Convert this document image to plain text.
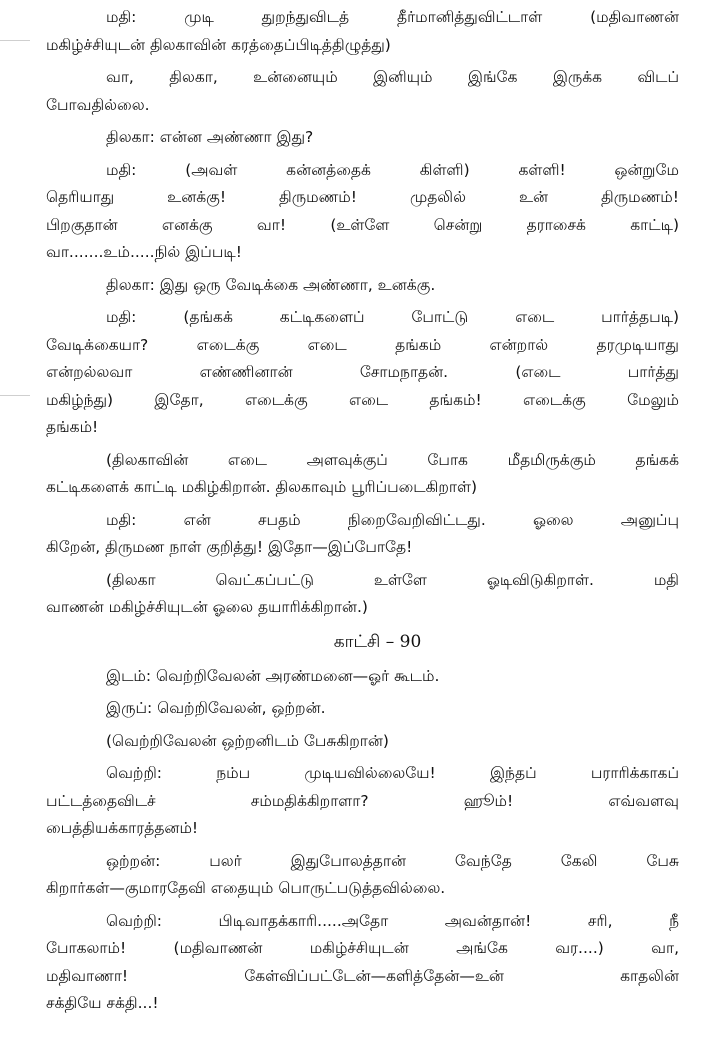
மதி: முடி துறந்துவிடத் தீர்மானித்துவிட்டாள் (மதிவாணன்
மகிழ்ச்சியுடன் திலகாவின் கரத்தைப்பிடித்திழுத்து)
வா, திலகா, உன்னையும் இனியும் இங்கே இருக்க விடப்
போவதில்லை.
திலகா: என்ன அண்ணா இது?
மதி: (அவள் கன்னத்தைக் கிள்ளி) கள்ளி! ஒன்றுமே
தெரியாது உனக்கு! திருமணம்! முதலில் உன் திருமணம்!
பிறகுதான் எனக்கு வா! (உள்ளே சென்று தராசைக் காட்டி)
வா.......உம்.....நில் இப்படி!
திலகா: இது ஒரு வேடிக்கை அண்ணா, உனக்கு.
மதி: (தங்கக் கட்டிகளைப் போட்டு எடை பார்த்தபடி)
வேடிக்கையா? எடைக்கு எடை தங்கம் என்றால் தரமுடியாது
என்றல்லவா எண்ணினான் சோமநாதன். (எடை பார்த்து
மகிழ்ந்து) இதோ, எடைக்கு எடை தங்கம்! எடைக்கு மேலும்
தங்கம்!
(திலகாவின் எடை அளவுக்குப் போக மீதமிருக்கும் தங்கக்
கட்டிகளைக் காட்டி மகிழ்கிறான். திலகாவும் பூரிப்படைகிறாள்)
மதி: என் சபதம் நிறைவேறிவிட்டது. ஓலை அனுப்பு
கிறேன், திருமண நாள் குறித்து! இதோ—இப்போதே!
(திலகா வெட்கப்பட்டு உள்ளே ஓடிவிடுகிறாள். மதி
வாணன் மகிழ்ச்சியுடன் ஓலை தயாரிக்கிறான்.)
காட்சி – 90
இடம்: வெற்றிவேலன் அரண்மனை—ஓர் கூடம்.
இருப்: வெற்றிவேலன், ஒற்றன்.
(வெற்றிவேலன் ஒற்றனிடம் பேசுகிறான்)
வெற்றி: நம்ப முடியவில்லையே! இந்தப் பராரிக்காகப்
பட்டத்தைவிடச் சம்மதிக்கிறாளா? ஹூம்! எவ்வளவு
பைத்தியக்காரத்தனம்!
ஒற்றன்: பலர் இதுபோலத்தான் வேந்தே கேலி பேசு
கிறார்கள்—குமாரதேவி எதையும் பொருட்படுத்தவில்லை.
வெற்றி: பிடிவாதக்காரி.....அதோ அவன்தான்! சரி, நீ
போகலாம்! (மதிவாணன் மகிழ்ச்சியுடன் அங்கே வர....) வா,
மதிவாணா! கேள்விப்பட்டேன்—களித்தேன்—உன் காதலின்
சக்தியே சக்தி...!
